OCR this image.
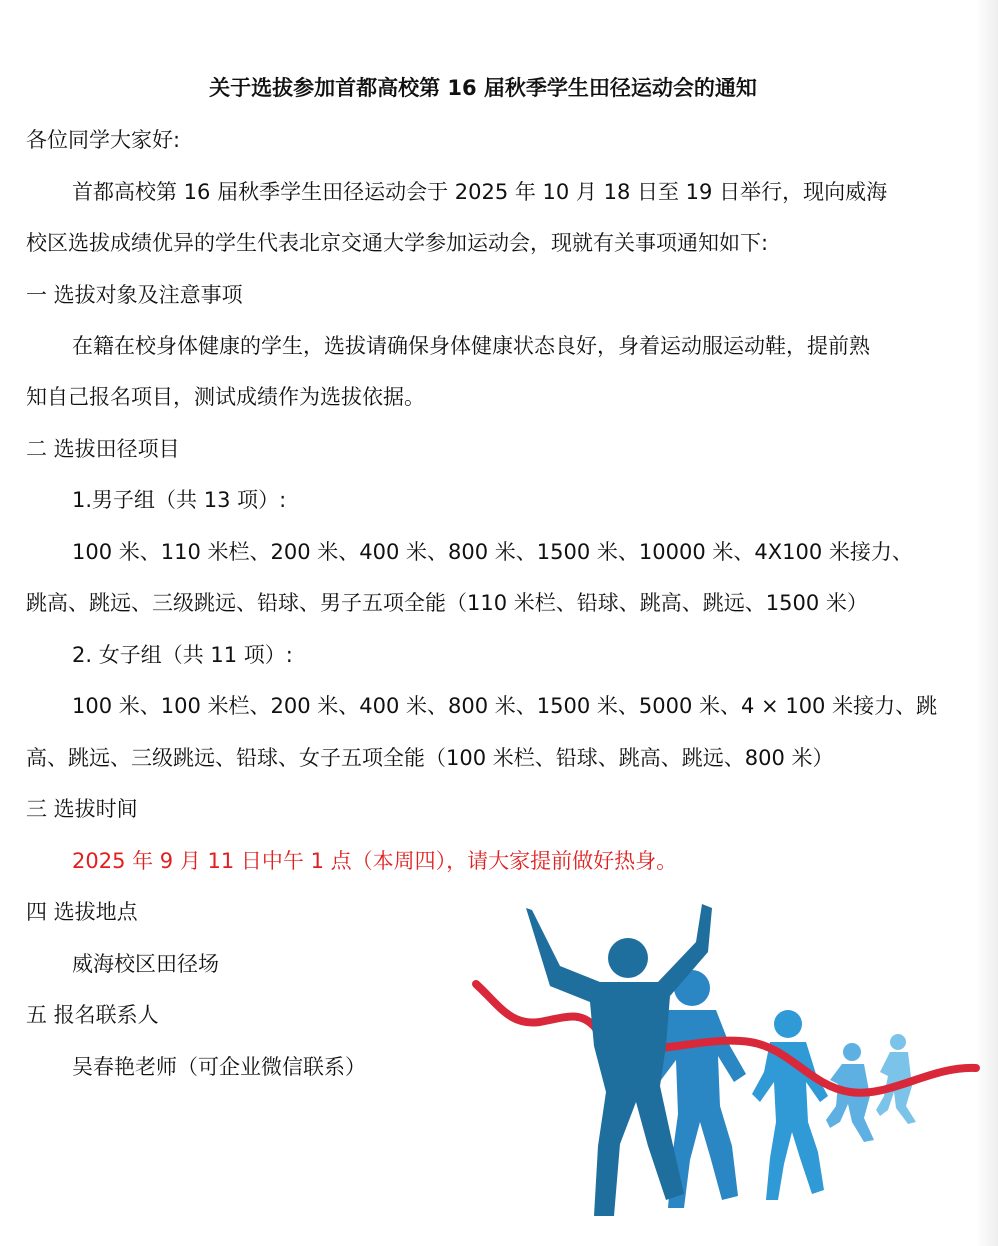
关于选拔参加首都高校第 16 届秋季学生田径运动会的通知
各位同学大家好:
首都高校第 16 届秋季学生田径运动会于 2025 年 10 月 18 日至 19 日举行，现向威海
校区选拔成绩优异的学生代表北京交通大学参加运动会，现就有关事项通知如下:
一 选拔对象及注意事项
在籍在校身体健康的学生，选拔请确保身体健康状态良好，身着运动服运动鞋，提前熟
知自己报名项目，测试成绩作为选拔依据。
二 选拔田径项目
1.男子组（共 13 项）:
100 米、110 米栏、200 米、400 米、800 米、1500 米、10000 米、4X100 米接力、
跳高、跳远、三级跳远、铅球、男子五项全能（110 米栏、铅球、跳高、跳远、1500 米）
2. 女子组（共 11 项）:
100 米、100 米栏、200 米、400 米、800 米、1500 米、5000 米、4 × 100 米接力、跳
高、跳远、三级跳远、铅球、女子五项全能（100 米栏、铅球、跳高、跳远、800 米）
三 选拔时间
2025 年 9 月 11 日中午 1 点（本周四），请大家提前做好热身。
四 选拔地点
威海校区田径场
五 报名联系人
吴春艳老师（可企业微信联系）
